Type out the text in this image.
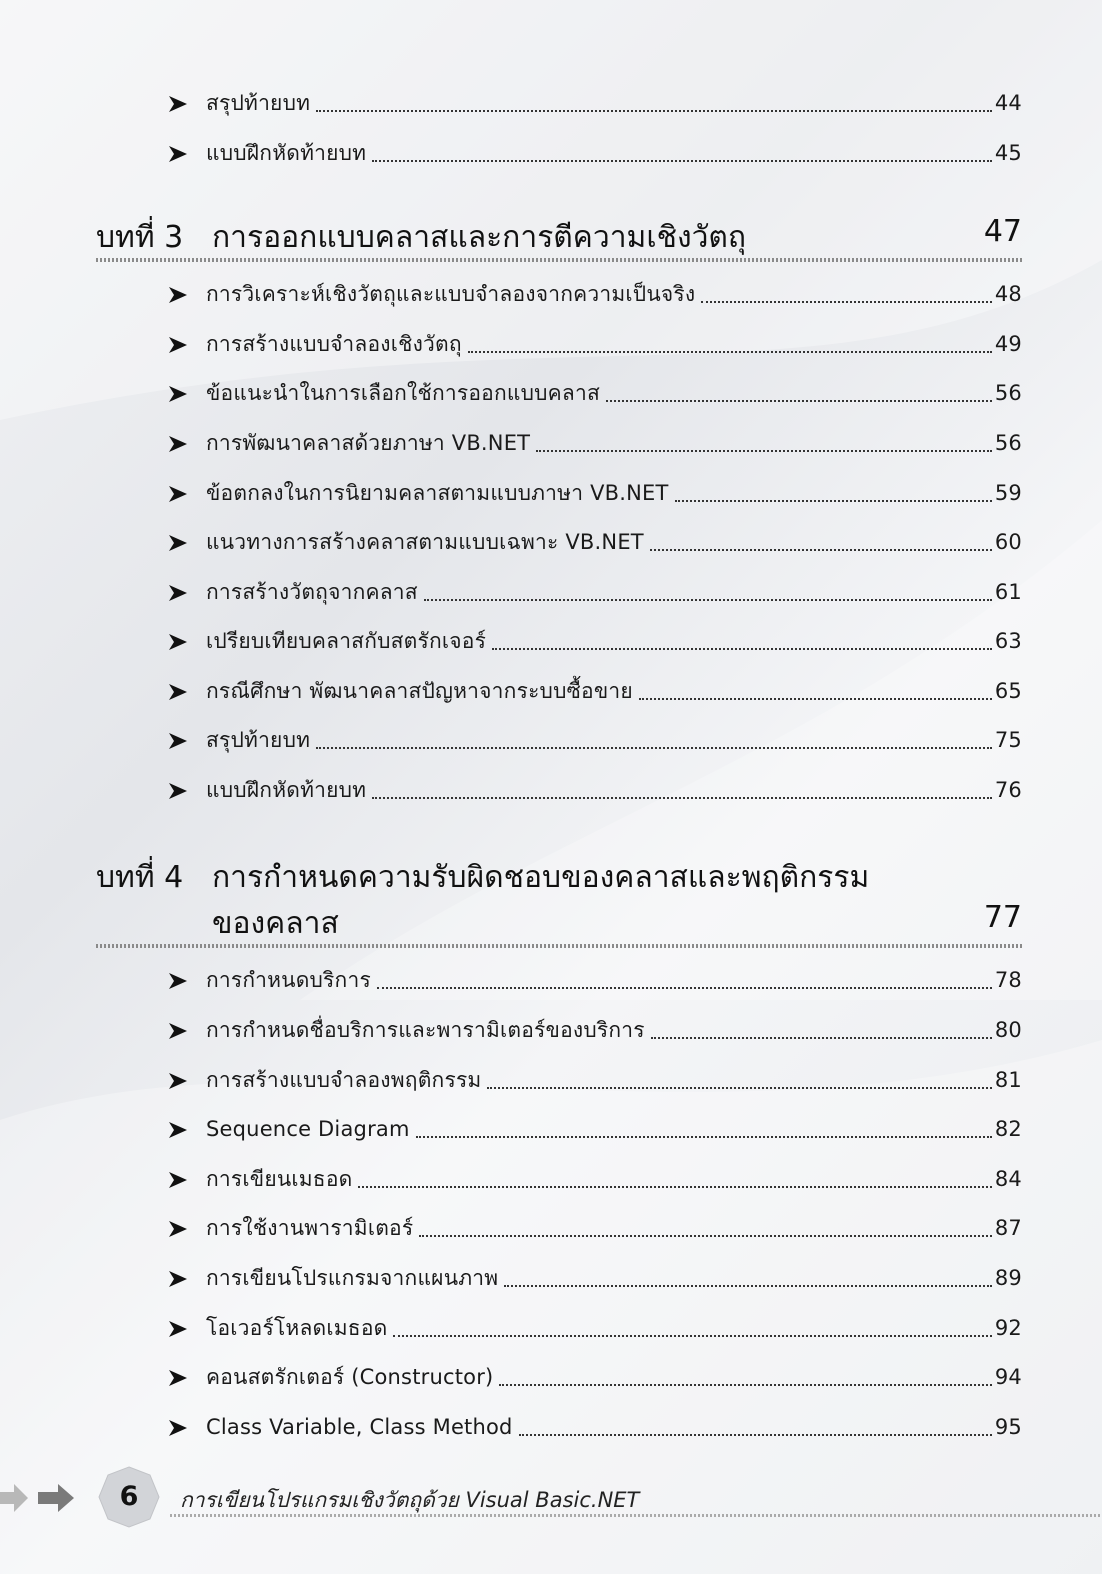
สรุปท้ายบท	44
แบบฝึกหัดท้ายบท	45
บทที่ 3 การออกแบบคลาสและการตีความเชิงวัตถุ	47
การวิเคราะห์เชิงวัตถุและแบบจำลองจากความเป็นจริง	48
การสร้างแบบจำลองเชิงวัตถุ	49
ข้อแนะนำในการเลือกใช้การออกแบบคลาส	56
การพัฒนาคลาสด้วยภาษา VB.NET	56
ข้อตกลงในการนิยามคลาสตามแบบภาษา VB.NET	59
แนวทางการสร้างคลาสตามแบบเฉพาะ VB.NET	60
การสร้างวัตถุจากคลาส	61
เปรียบเทียบคลาสกับสตรักเจอร์	63
กรณีศึกษา พัฒนาคลาสปัญหาจากระบบซื้อขาย	65
สรุปท้ายบท	75
แบบฝึกหัดท้ายบท	76
บทที่ 4 การกำหนดความรับผิดชอบของคลาสและพฤติกรรม
ของคลาส	77
การกำหนดบริการ	78
การกำหนดชื่อบริการและพารามิเตอร์ของบริการ	80
การสร้างแบบจำลองพฤติกรรม	81
Sequence Diagram	82
การเขียนเมธอด	84
การใช้งานพารามิเตอร์	87
การเขียนโปรแกรมจากแผนภาพ	89
โอเวอร์โหลดเมธอด	92
คอนสตรักเตอร์ (Constructor)	94
Class Variable, Class Method	95
6	การเขียนโปรแกรมเชิงวัตถุด้วย Visual Basic.NET
